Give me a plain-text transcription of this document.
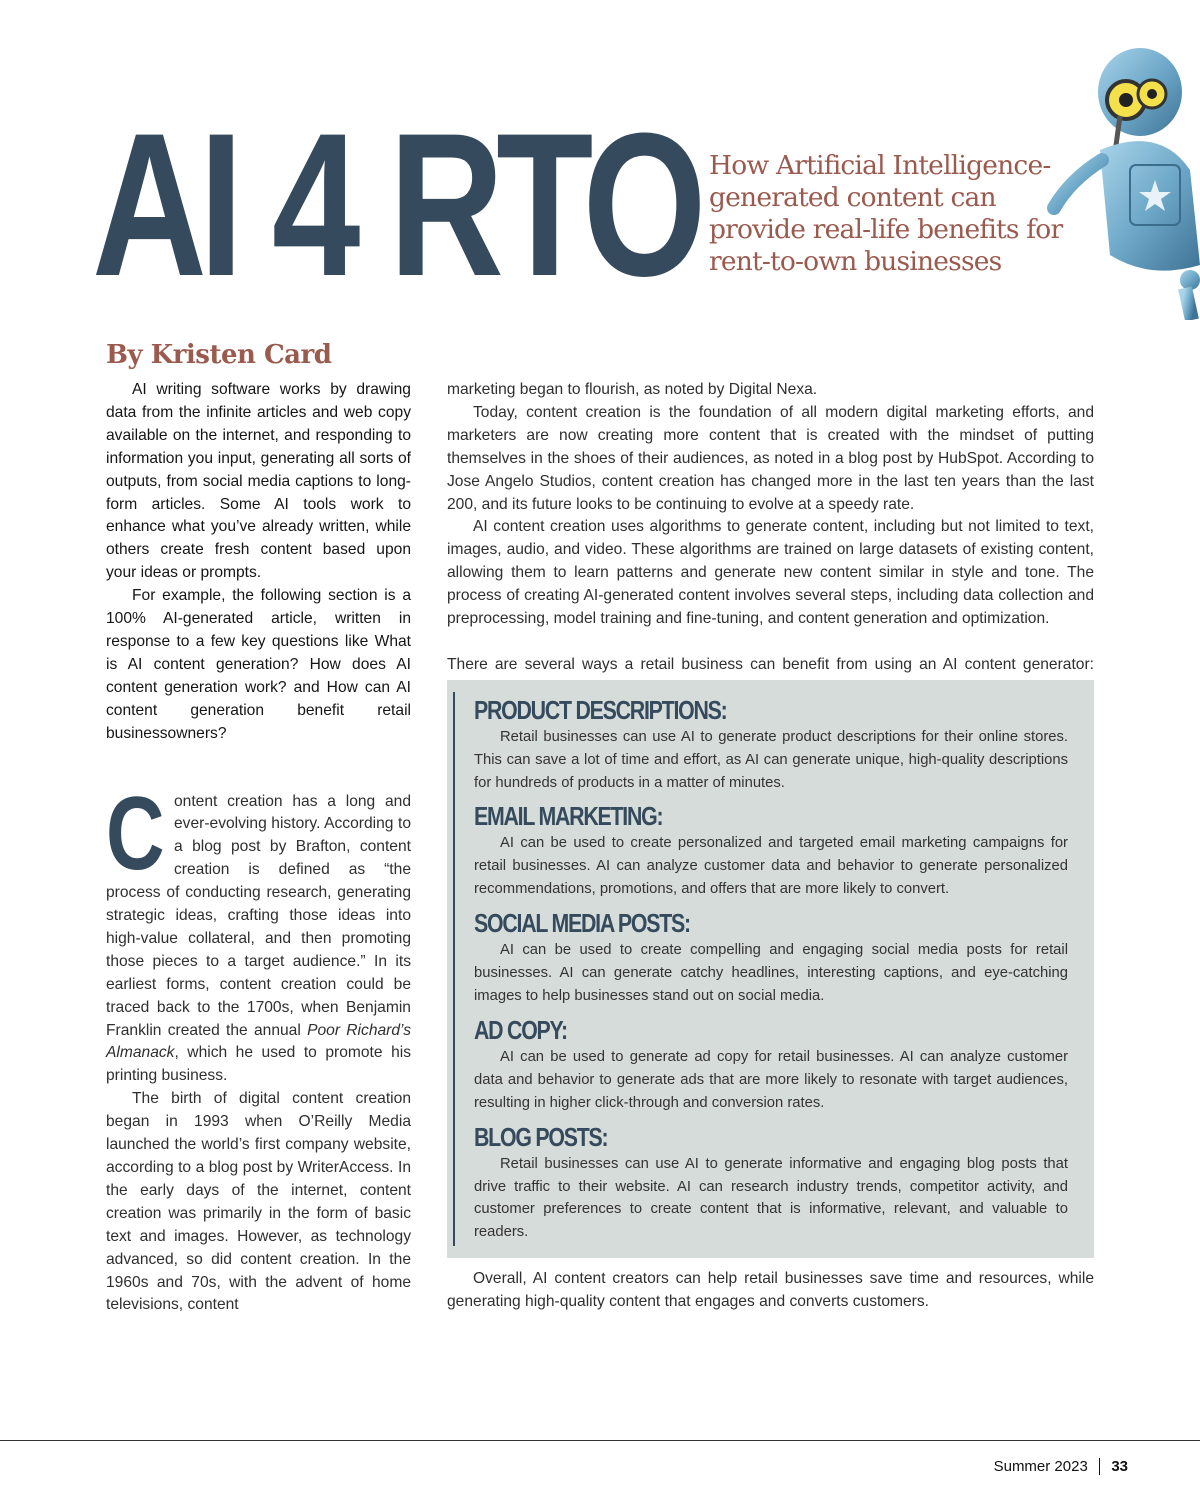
AI 4 RTO How Artificial Intelligence-generated content can provide real-life benefits for rent-to-own businesses

By Kristen Card

AI writing software works by drawing data from the infinite articles and web copy available on the internet, and responding to information you input, generating all sorts of outputs, from social media captions to long-form articles. Some AI tools work to enhance what you’ve already written, while others create fresh content based upon your ideas or prompts.

For example, the following section is a 100% AI-generated article, written in response to a few key questions like What is AI content generation? How does AI content generation work? and How can AI content generation benefit retail businessowners?

Content creation has a long and ever-evolving history. According to a blog post by Brafton, content creation is defined as “the process of conducting research, generating strategic ideas, crafting those ideas into high-value collateral, and then promoting those pieces to a target audience.” In its earliest forms, content creation could be traced back to the 1700s, when Benjamin Franklin created the annual Poor Richard’s Almanack, which he used to promote his printing business.

The birth of digital content creation began in 1993 when O’Reilly Media launched the world’s first company website, according to a blog post by WriterAccess. In the early days of the internet, content creation was primarily in the form of basic text and images. However, as technology advanced, so did content creation. In the 1960s and 70s, with the advent of home televisions, content

marketing began to flourish, as noted by Digital Nexa.

Today, content creation is the foundation of all modern digital marketing efforts, and marketers are now creating more content that is created with the mindset of putting themselves in the shoes of their audiences, as noted in a blog post by HubSpot. According to Jose Angelo Studios, content creation has changed more in the last ten years than the last 200, and its future looks to be continuing to evolve at a speedy rate.

AI content creation uses algorithms to generate content, including but not limited to text, images, audio, and video. These algorithms are trained on large datasets of existing content, allowing them to learn patterns and generate new content similar in style and tone. The process of creating AI-generated content involves several steps, including data collection and preprocessing, model training and fine-tuning, and content generation and optimization.

There are several ways a retail business can benefit from using an AI content generator:

PRODUCT DESCRIPTIONS:

Retail businesses can use AI to generate product descriptions for their online stores. This can save a lot of time and effort, as AI can generate unique, high-quality descriptions for hundreds of products in a matter of minutes.

EMAIL MARKETING:

AI can be used to create personalized and targeted email marketing campaigns for retail businesses. AI can analyze customer data and behavior to generate personalized recommendations, promotions, and offers that are more likely to convert.

SOCIAL MEDIA POSTS:

AI can be used to create compelling and engaging social media posts for retail businesses. AI can generate catchy headlines, interesting captions, and eye-catching images to help businesses stand out on social media.

AD COPY:

AI can be used to generate ad copy for retail businesses. AI can analyze customer data and behavior to generate ads that are more likely to resonate with target audiences, resulting in higher click-through and conversion rates.

BLOG POSTS:

Retail businesses can use AI to generate informative and engaging blog posts that drive traffic to their website. AI can research industry trends, competitor activity, and customer preferences to create content that is informative, relevant, and valuable to readers.

Overall, AI content creators can help retail businesses save time and resources, while generating high-quality content that engages and converts customers.

Summer 2023 33
